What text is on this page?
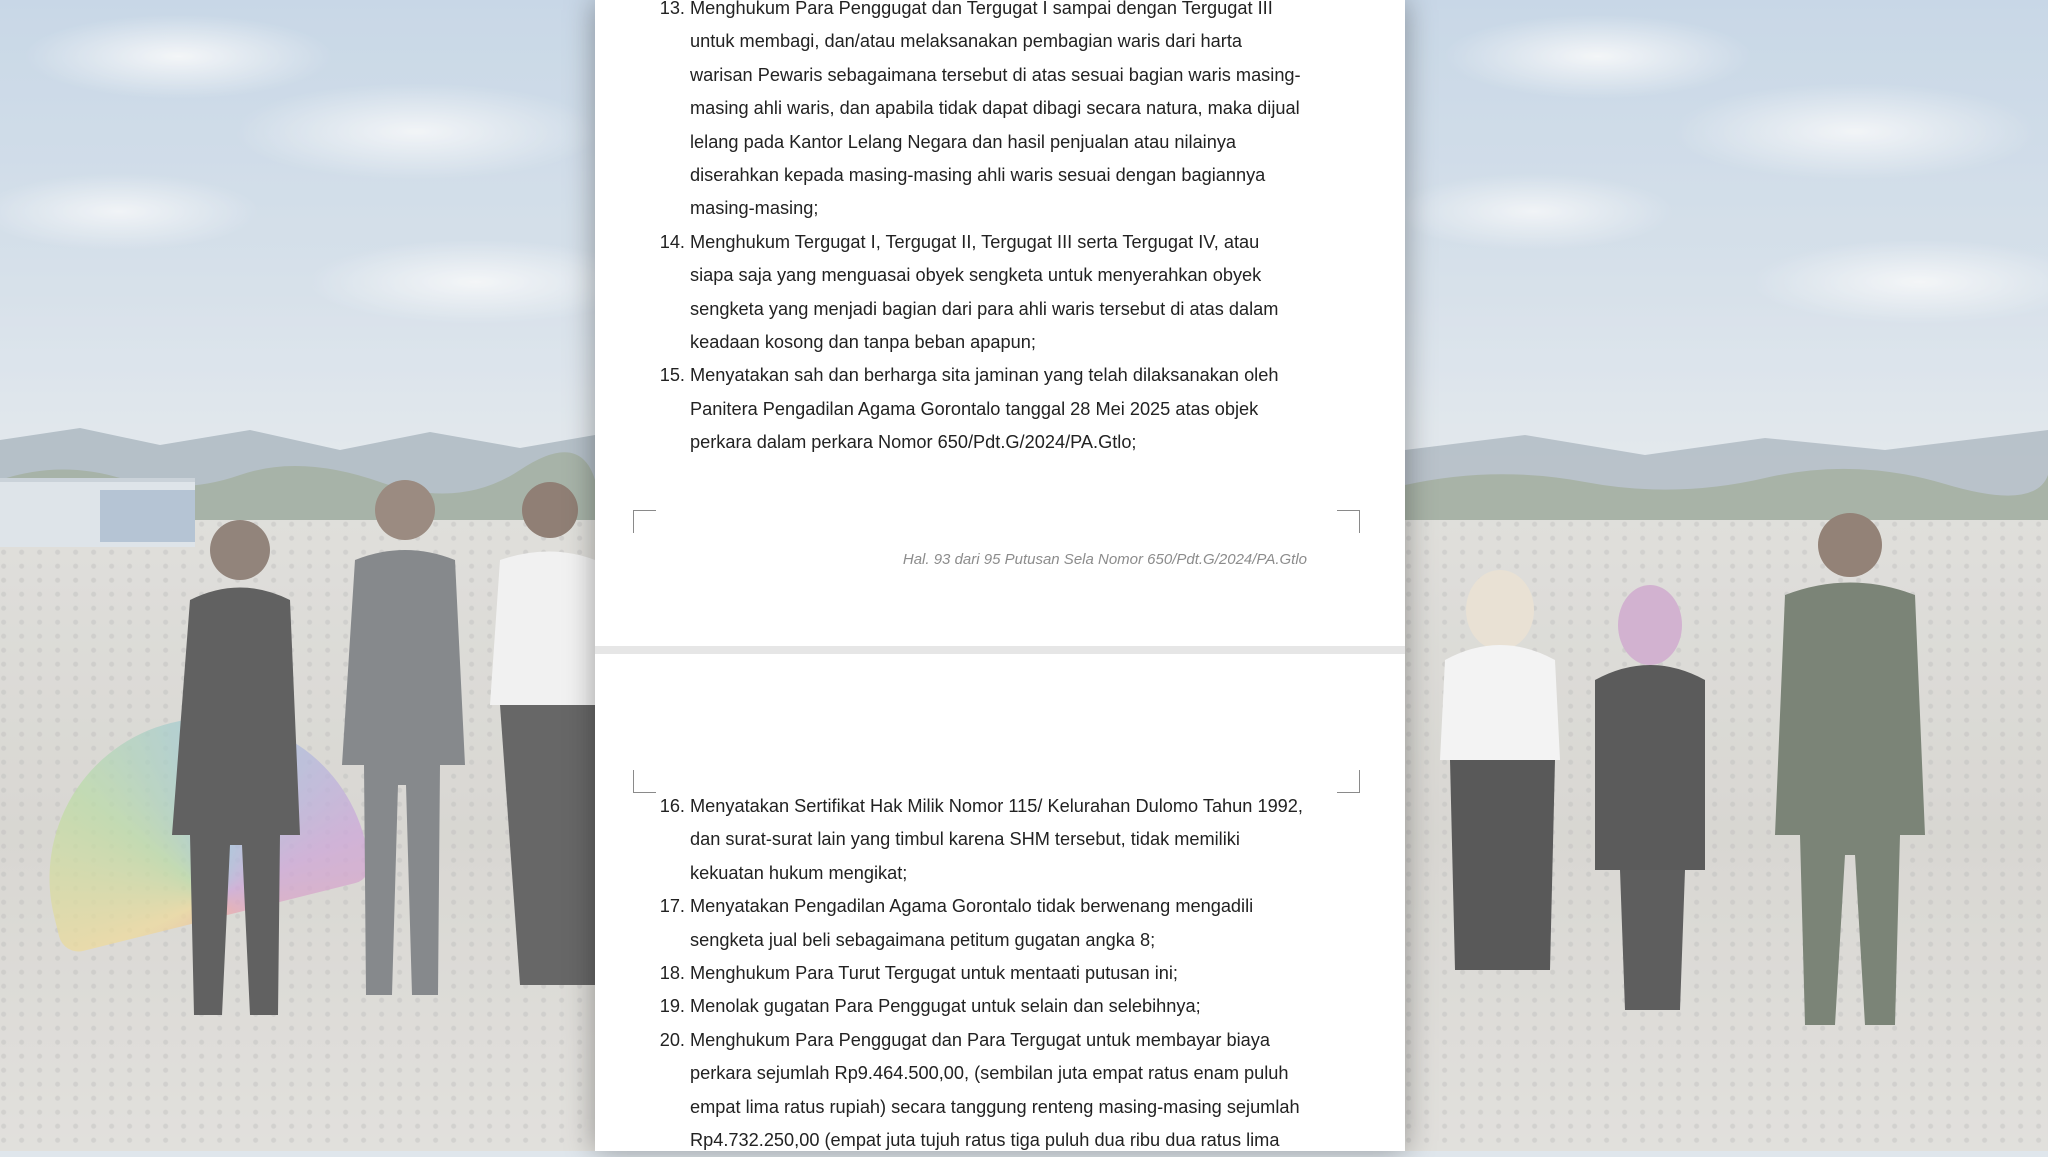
13. Menghukum Para Penggugat dan Tergugat I sampai dengan Tergugat III
untuk membagi, dan/atau melaksanakan pembagian waris dari harta
warisan Pewaris sebagaimana tersebut di atas sesuai bagian waris masing-
masing ahli waris, dan apabila tidak dapat dibagi secara natura, maka dijual
lelang pada Kantor Lelang Negara dan hasil penjualan atau nilainya
diserahkan kepada masing-masing ahli waris sesuai dengan bagiannya
masing-masing;
14. Menghukum Tergugat I, Tergugat II, Tergugat III serta Tergugat IV, atau
siapa saja yang menguasai obyek sengketa untuk menyerahkan obyek
sengketa yang menjadi bagian dari para ahli waris tersebut di atas dalam
keadaan kosong dan tanpa beban apapun;
15. Menyatakan sah dan berharga sita jaminan yang telah dilaksanakan oleh
Panitera Pengadilan Agama Gorontalo tanggal 28 Mei 2025 atas objek
perkara dalam perkara Nomor 650/Pdt.G/2024/PA.Gtlo;
Hal. 93 dari 95 Putusan Sela Nomor 650/Pdt.G/2024/PA.Gtlo
16. Menyatakan Sertifikat Hak Milik Nomor 115/ Kelurahan Dulomo Tahun 1992,
dan surat-surat lain yang timbul karena SHM tersebut, tidak memiliki
kekuatan hukum mengikat;
17. Menyatakan Pengadilan Agama Gorontalo tidak berwenang mengadili
sengketa jual beli sebagaimana petitum gugatan angka 8;
18. Menghukum Para Turut Tergugat untuk mentaati putusan ini;
19. Menolak gugatan Para Penggugat untuk selain dan selebihnya;
20. Menghukum Para Penggugat dan Para Tergugat untuk membayar biaya
perkara sejumlah Rp9.464.500,00, (sembilan juta empat ratus enam puluh
empat lima ratus rupiah) secara tanggung renteng masing-masing sejumlah
Rp4.732.250,00 (empat juta tujuh ratus tiga puluh dua ribu dua ratus lima
